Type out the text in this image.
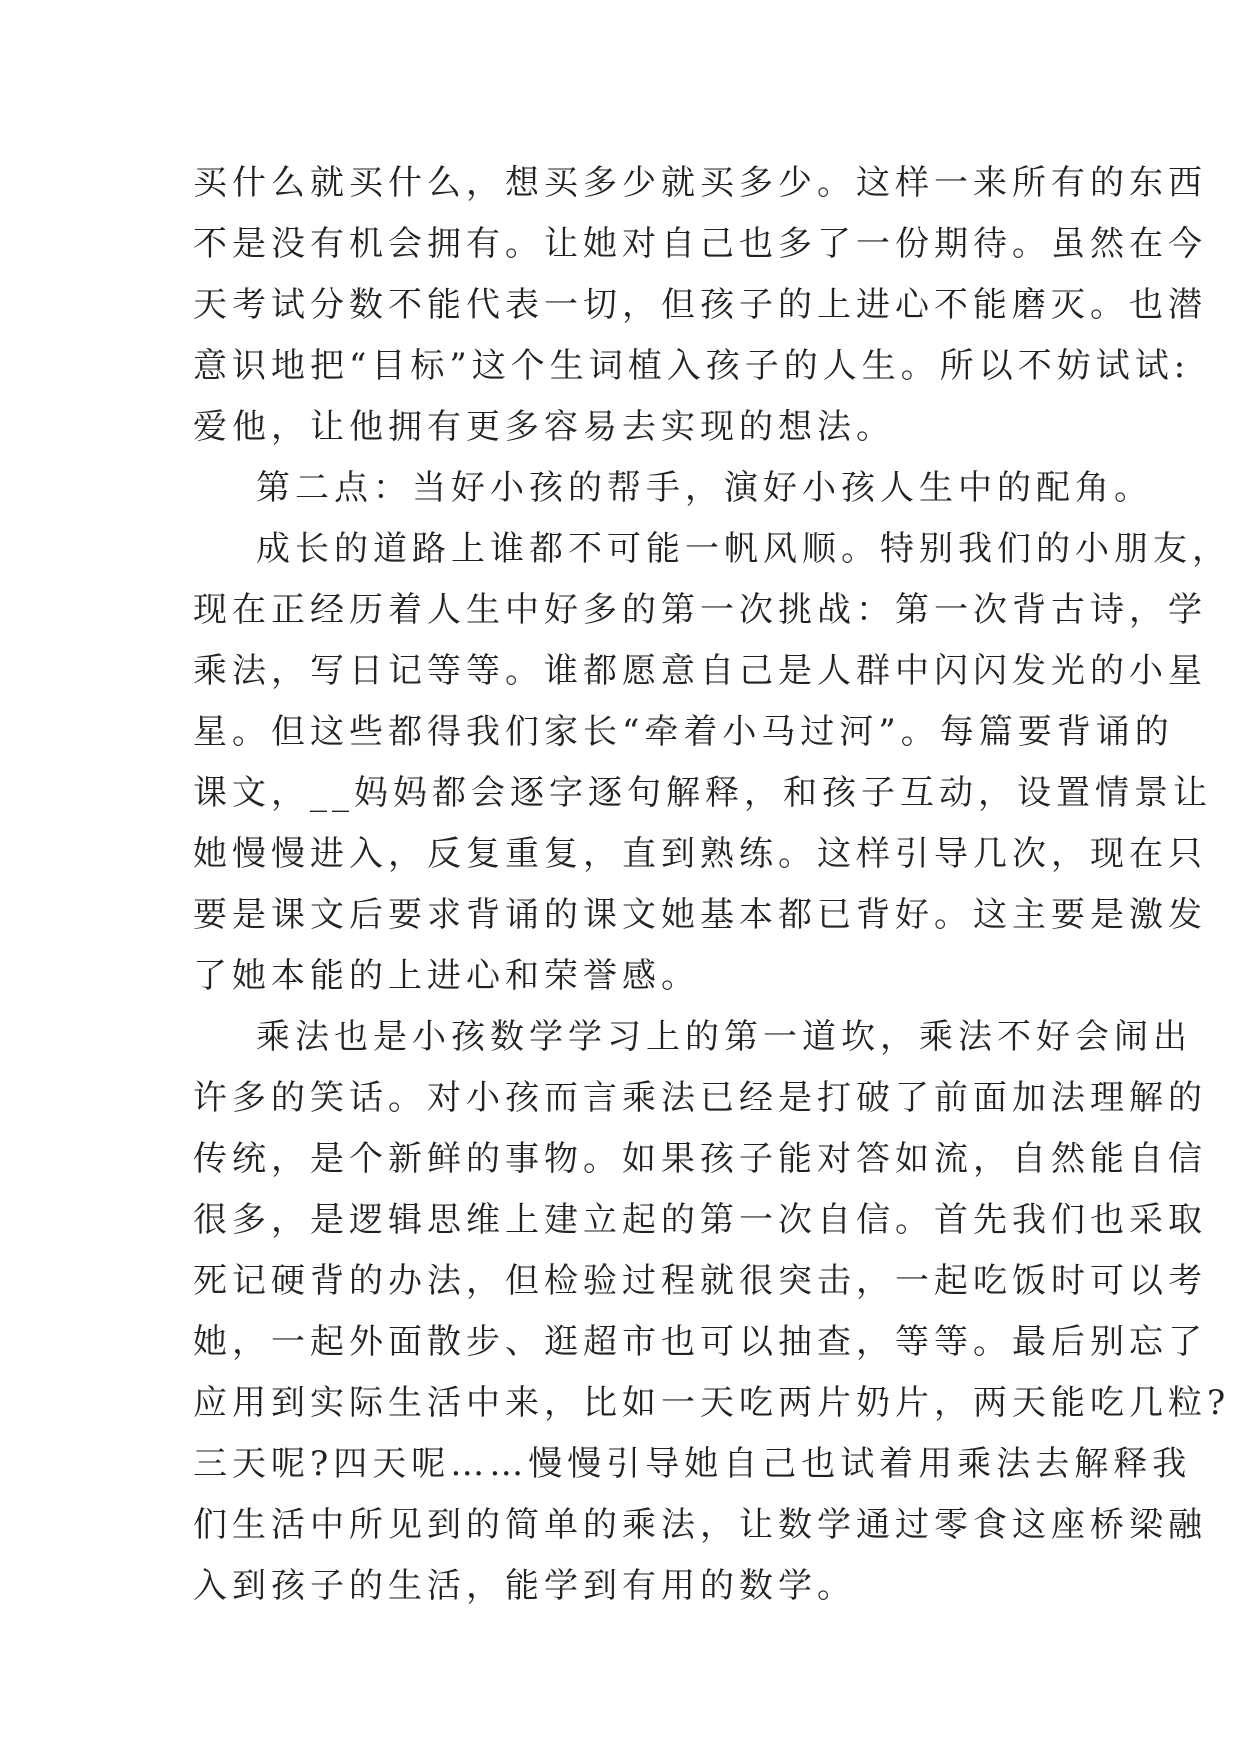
买什么就买什么，想买多少就买多少。这样一来所有的东西
不是没有机会拥有。让她对自己也多了一份期待。虽然在今
天考试分数不能代表一切，但孩子的上进心不能磨灭。也潜
意识地把“目标”这个生词植入孩子的人生。所以不妨试试:
爱他，让他拥有更多容易去实现的想法。
第二点：当好小孩的帮手，演好小孩人生中的配角。
成长的道路上谁都不可能一帆风顺。特别我们的小朋友，
现在正经历着人生中好多的第一次挑战：第一次背古诗，学
乘法，写日记等等。谁都愿意自己是人群中闪闪发光的小星
星。但这些都得我们家长“牵着小马过河”。每篇要背诵的
课文，__妈妈都会逐字逐句解释，和孩子互动，设置情景让
她慢慢进入，反复重复，直到熟练。这样引导几次，现在只
要是课文后要求背诵的课文她基本都已背好。这主要是激发
了她本能的上进心和荣誉感。
乘法也是小孩数学学习上的第一道坎，乘法不好会闹出
许多的笑话。对小孩而言乘法已经是打破了前面加法理解的
传统，是个新鲜的事物。如果孩子能对答如流，自然能自信
很多，是逻辑思维上建立起的第一次自信。首先我们也采取
死记硬背的办法，但检验过程就很突击，一起吃饭时可以考
她，一起外面散步、逛超市也可以抽查，等等。最后别忘了
应用到实际生活中来，比如一天吃两片奶片，两天能吃几粒?
三天呢?四天呢……慢慢引导她自己也试着用乘法去解释我
们生活中所见到的简单的乘法，让数学通过零食这座桥梁融
入到孩子的生活，能学到有用的数学。
